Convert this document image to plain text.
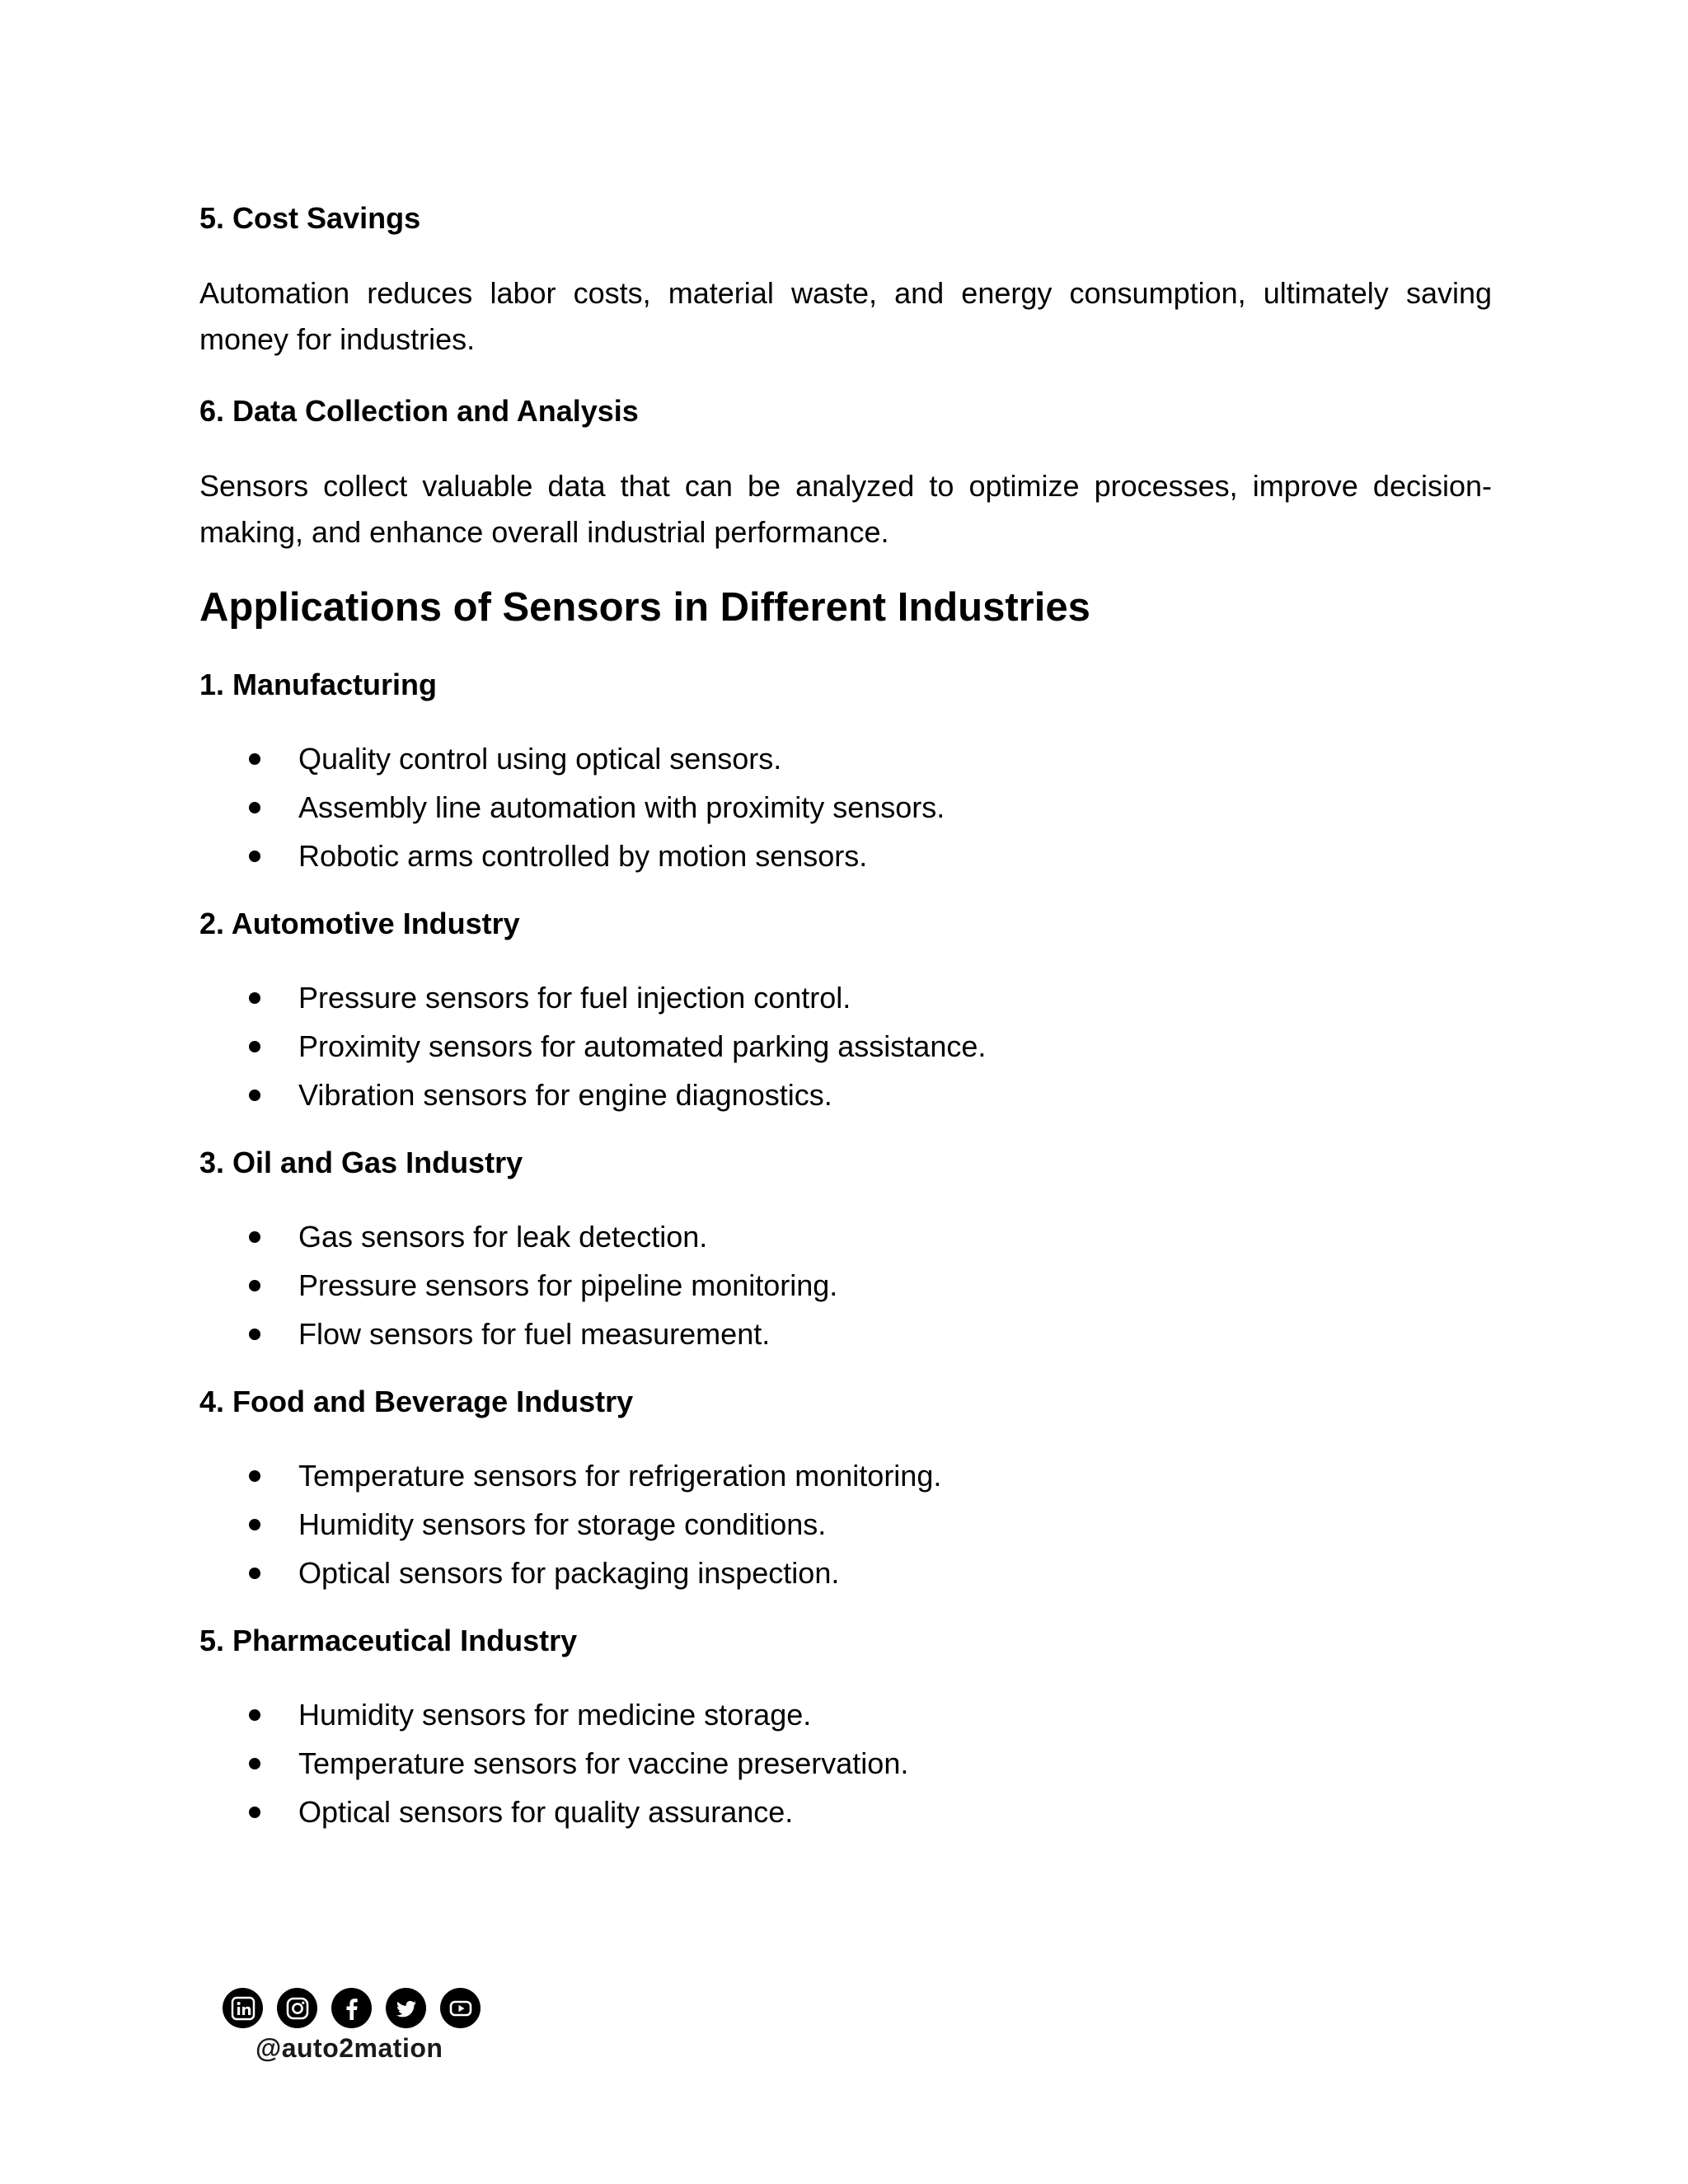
5. Cost Savings

Automation reduces labor costs, material waste, and energy consumption, ultimately saving money for industries.

6. Data Collection and Analysis

Sensors collect valuable data that can be analyzed to optimize processes, improve decision-making, and enhance overall industrial performance.

Applications of Sensors in Different Industries

1. Manufacturing

Quality control using optical sensors.
Assembly line automation with proximity sensors.
Robotic arms controlled by motion sensors.

2. Automotive Industry

Pressure sensors for fuel injection control.
Proximity sensors for automated parking assistance.
Vibration sensors for engine diagnostics.

3. Oil and Gas Industry

Gas sensors for leak detection.
Pressure sensors for pipeline monitoring.
Flow sensors for fuel measurement.

4. Food and Beverage Industry

Temperature sensors for refrigeration monitoring.
Humidity sensors for storage conditions.
Optical sensors for packaging inspection.

5. Pharmaceutical Industry

Humidity sensors for medicine storage.
Temperature sensors for vaccine preservation.
Optical sensors for quality assurance.
@auto2mation
